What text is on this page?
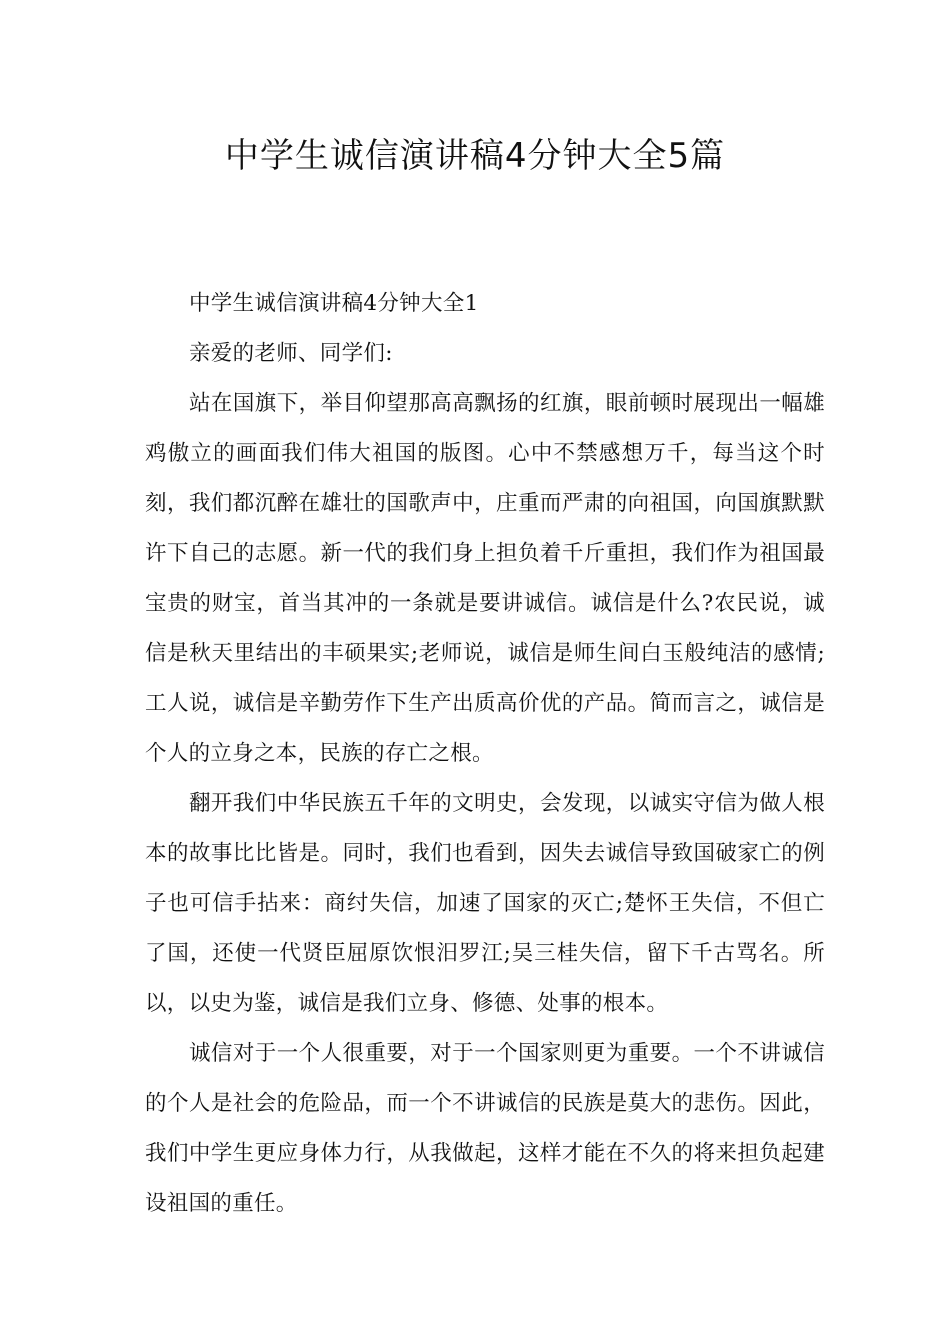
中学生诚信演讲稿4分钟大全5篇

中学生诚信演讲稿4分钟大全1

亲爱的老师、同学们:

站在国旗下，举目仰望那高高飘扬的红旗，眼前顿时展现出一幅雄鸡傲立的画面我们伟大祖国的版图。心中不禁感想万千，每当这个时刻，我们都沉醉在雄壮的国歌声中，庄重而严肃的向祖国，向国旗默默许下自己的志愿。新一代的我们身上担负着千斤重担，我们作为祖国最宝贵的财宝，首当其冲的一条就是要讲诚信。诚信是什么?农民说，诚信是秋天里结出的丰硕果实;老师说，诚信是师生间白玉般纯洁的感情;工人说，诚信是辛勤劳作下生产出质高价优的产品。简而言之，诚信是个人的立身之本，民族的存亡之根。

翻开我们中华民族五千年的文明史，会发现，以诚实守信为做人根本的故事比比皆是。同时，我们也看到，因失去诚信导致国破家亡的例子也可信手拈来：商纣失信，加速了国家的灭亡;楚怀王失信，不但亡了国，还使一代贤臣屈原饮恨汨罗江;吴三桂失信，留下千古骂名。所以，以史为鉴，诚信是我们立身、修德、处事的根本。

诚信对于一个人很重要，对于一个国家则更为重要。一个不讲诚信的个人是社会的危险品，而一个不讲诚信的民族是莫大的悲伤。因此，我们中学生更应身体力行，从我做起，这样才能在不久的将来担负起建设祖国的重任。
